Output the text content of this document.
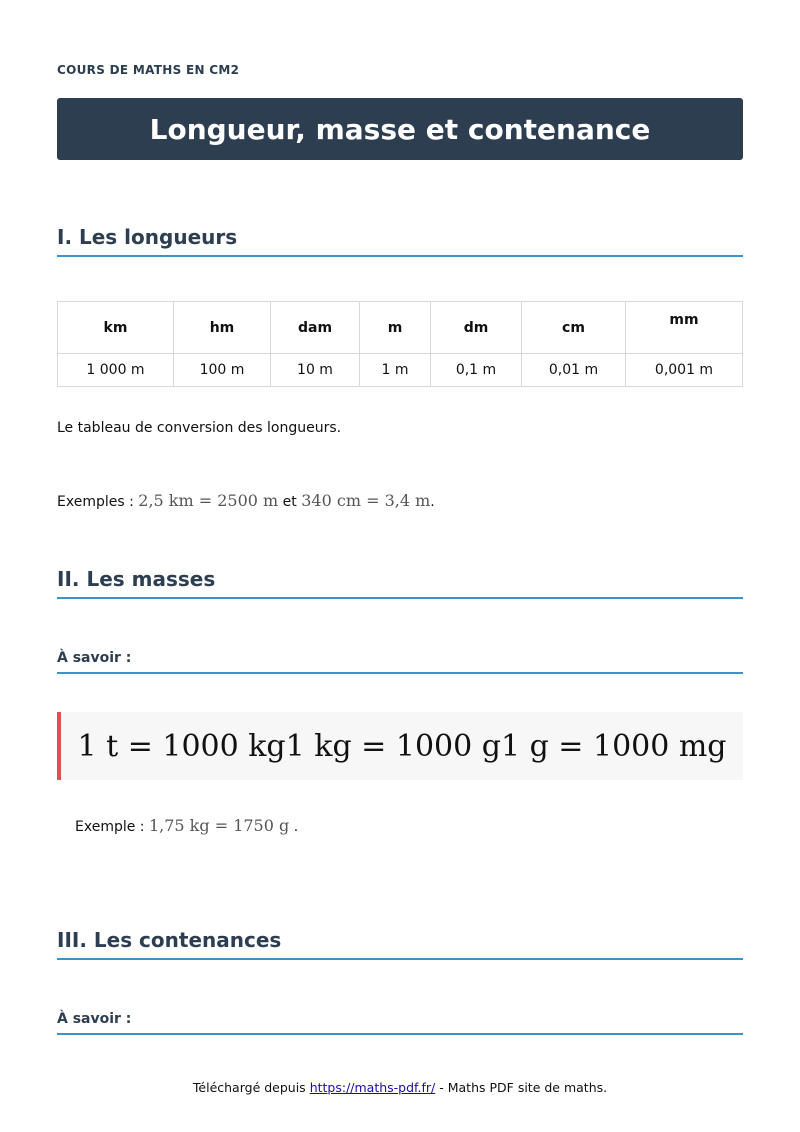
COURS DE MATHS EN CM2
Longueur, masse et contenance
I. Les longueurs
km	hm	dam	m	dm	cm	mm
1 000 m	100 m	10 m	1 m	0,1 m	0,01 m	0,001 m
Le tableau de conversion des longueurs.
Exemples : 2,5 km = 2500 m et 340 cm = 3,4 m.
II. Les masses
À savoir :
1 t = 1000 kg1 kg = 1000 g1 g = 1000 mg
Exemple : 1,75 kg = 1750 g .
III. Les contenances
À savoir :
Téléchargé depuis https://maths-pdf.fr/ - Maths PDF site de maths.
